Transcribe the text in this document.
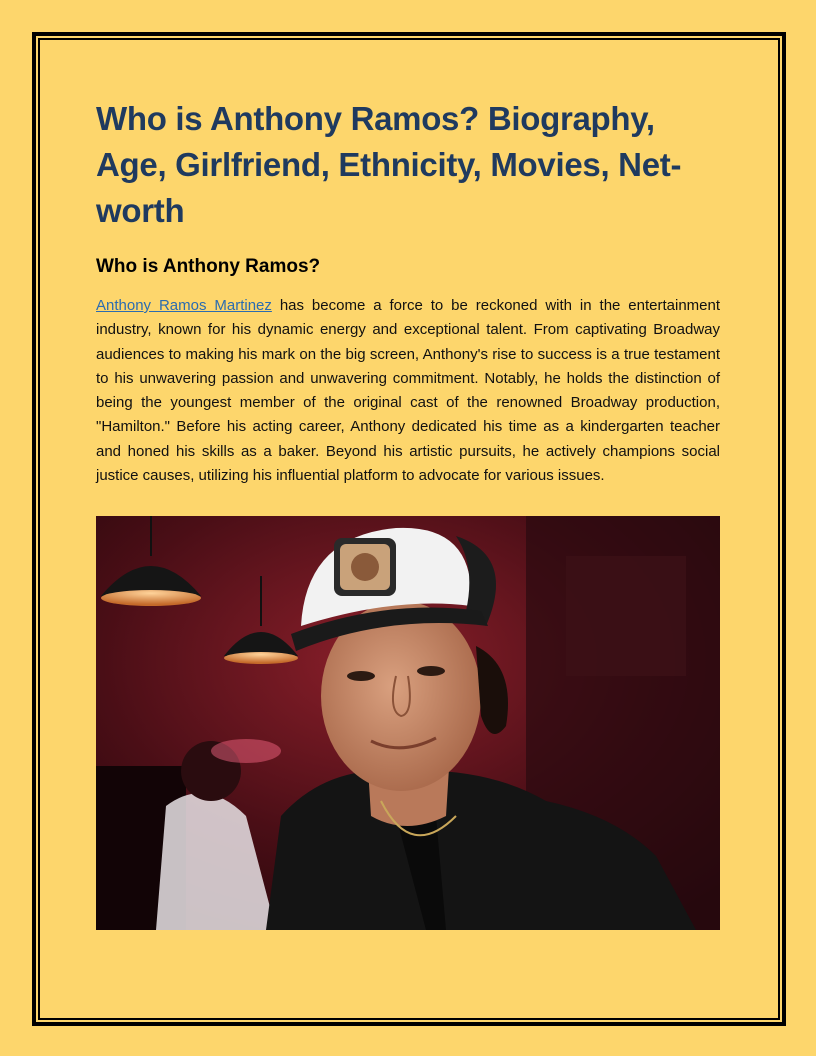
Who is Anthony Ramos? Biography, Age, Girlfriend, Ethnicity, Movies, Net-worth
Who is Anthony Ramos?

Anthony Ramos Martinez has become a force to be reckoned with in the entertainment industry, known for his dynamic energy and exceptional talent. From captivating Broadway audiences to making his mark on the big screen, Anthony's rise to success is a true testament to his unwavering passion and unwavering commitment. Notably, he holds the distinction of being the youngest member of the original cast of the renowned Broadway production, "Hamilton." Before his acting career, Anthony dedicated his time as a kindergarten teacher and honed his skills as a baker. Beyond his artistic pursuits, he actively champions social justice causes, utilizing his influential platform to advocate for various issues.
